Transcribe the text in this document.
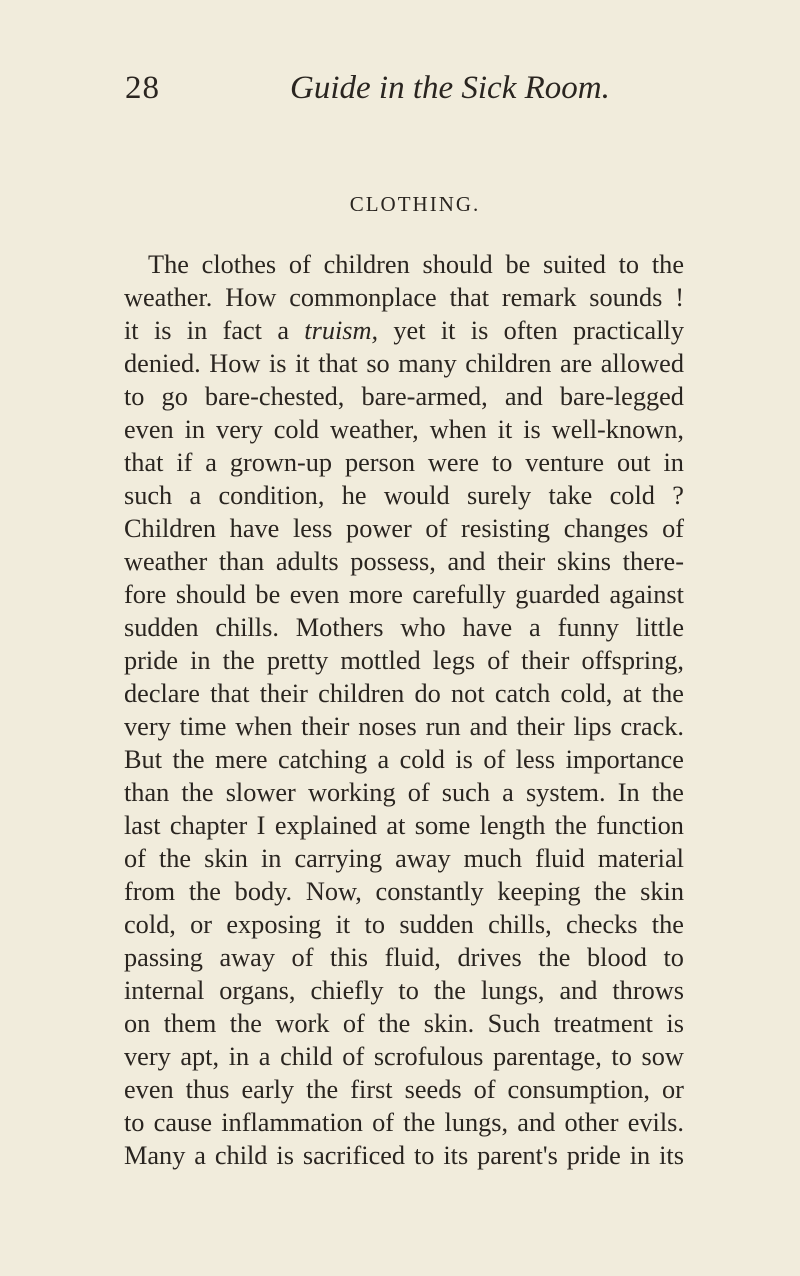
28	Guide in the Sick Room.
CLOTHING.
The clothes of children should be suited to the
weather. How commonplace that remark sounds !
it is in fact a truism, yet it is often practically
denied. How is it that so many children are allowed
to go bare-chested, bare-armed, and bare-legged
even in very cold weather, when it is well-known,
that if a grown-up person were to venture out in
such a condition, he would surely take cold ?
Children have less power of resisting changes of
weather than adults possess, and their skins there-
fore should be even more carefully guarded against
sudden chills. Mothers who have a funny little
pride in the pretty mottled legs of their offspring,
declare that their children do not catch cold, at the
very time when their noses run and their lips crack.
But the mere catching a cold is of less importance
than the slower working of such a system. In the
last chapter I explained at some length the function
of the skin in carrying away much fluid material
from the body. Now, constantly keeping the skin
cold, or exposing it to sudden chills, checks the
passing away of this fluid, drives the blood to
internal organs, chiefly to the lungs, and throws
on them the work of the skin. Such treatment is
very apt, in a child of scrofulous parentage, to sow
even thus early the first seeds of consumption, or
to cause inflammation of the lungs, and other evils.
Many a child is sacrificed to its parent's pride in its
